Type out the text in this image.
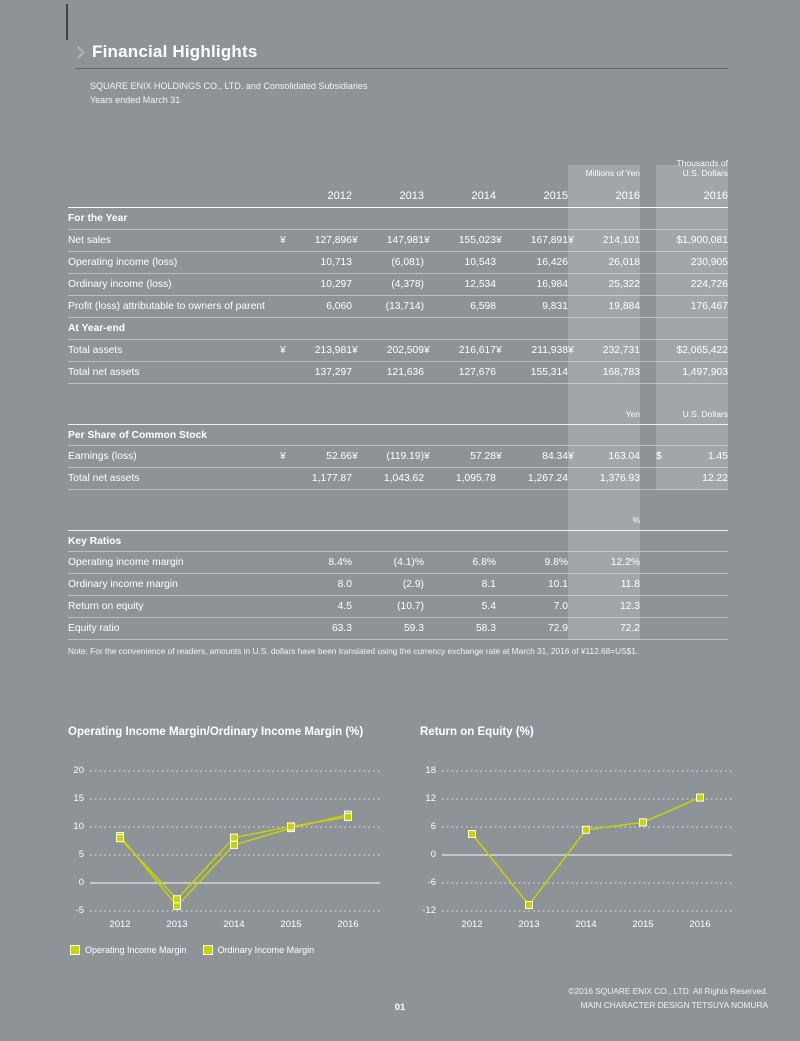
Financial Highlights
SQUARE ENIX HOLDINGS CO., LTD. and Consolidated Subsidiaries
Years ended March 31
Millions of Yen
Thousands of
U.S. Dollars
2012	2013	2014	2015	2016	2016
For the Year
Net sales	¥	127,896 ¥	147,981 ¥	155,023 ¥	167,891 ¥	214,101	$1,900,081
Operating income (loss)	10,713	(6,081)	10,543	16,426	26,018	230,905
Ordinary income (loss)	10,297	(4,378)	12,534	16,984	25,322	224,726
Profit (loss) attributable to owners of parent	6,060	(13,714)	6,598	9,831	19,884	176,467
At Year-end
Total assets	¥	213,981 ¥	202,509 ¥	216,617 ¥	211,938 ¥	232,731	$2,065,422
Total net assets	137,297	121,636	127,676	155,314	168,783	1,497,903
Yen	U.S. Dollars
Per Share of Common Stock
Earnings (loss)	¥	52.66 ¥	(119.19) ¥	57.28 ¥	84.34 ¥	163.04 $	1.45
Total net assets	1,177.87	1,043.62	1,095.78	1,267.24	1,376.93	12.22
%
Key Ratios
Operating income margin	8.4%	(4.1)%	6.8%	9.8%	12.2%
Ordinary income margin	8.0	(2.9)	8.1	10.1	11.8
Return on equity	4.5	(10.7)	5.4	7.0	12.3
Equity ratio	63.3	59.3	58.3	72.9	72.2
Note: For the convenience of readers, amounts in U.S. dollars have been translated using the currency exchange rate at March 31, 2016 of ¥112.68=US$1.
Operating Income Margin/Ordinary Income Margin (%)
20
15
10
5
0
-5
2012	2013	2014	2015	2016
Operating Income Margin	Ordinary Income Margin
Return on Equity (%)
18
12
6
0
-6
-12
2012	2013	2014	2015	2016
©2016 SQUARE ENIX CO., LTD. All Rights Reserved.
MAIN CHARACTER DESIGN TETSUYA NOMURA
01
